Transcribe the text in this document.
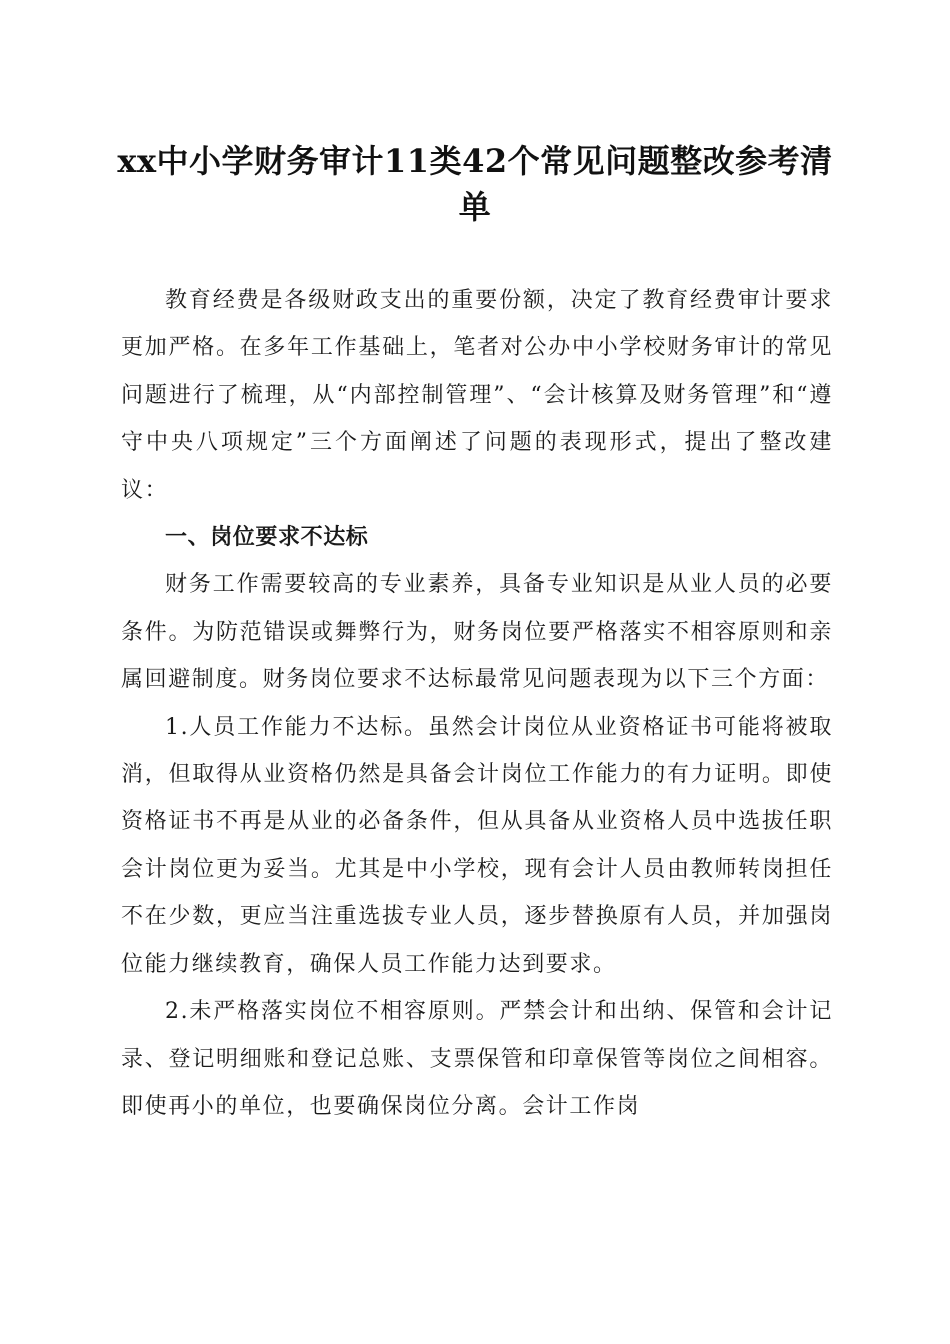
xx中小学财务审计11类42个常见问题整改参考清单

教育经费是各级财政支出的重要份额，决定了教育经费审计要求更加严格。在多年工作基础上，笔者对公办中小学校财务审计的常见问题进行了梳理，从“内部控制管理”、“会计核算及财务管理”和“遵守中央八项规定”三个方面阐述了问题的表现形式，提出了整改建议：

一、岗位要求不达标

财务工作需要较高的专业素养，具备专业知识是从业人员的必要条件。为防范错误或舞弊行为，财务岗位要严格落实不相容原则和亲属回避制度。财务岗位要求不达标最常见问题表现为以下三个方面：

1.人员工作能力不达标。虽然会计岗位从业资格证书可能将被取消，但取得从业资格仍然是具备会计岗位工作能力的有力证明。即使资格证书不再是从业的必备条件，但从具备从业资格人员中选拔任职会计岗位更为妥当。尤其是中小学校，现有会计人员由教师转岗担任不在少数，更应当注重选拔专业人员，逐步替换原有人员，并加强岗位能力继续教育，确保人员工作能力达到要求。

2.未严格落实岗位不相容原则。严禁会计和出纳、保管和会计记录、登记明细账和登记总账、支票保管和印章保管等岗位之间相容。即使再小的单位，也要确保岗位分离。会计工作岗
